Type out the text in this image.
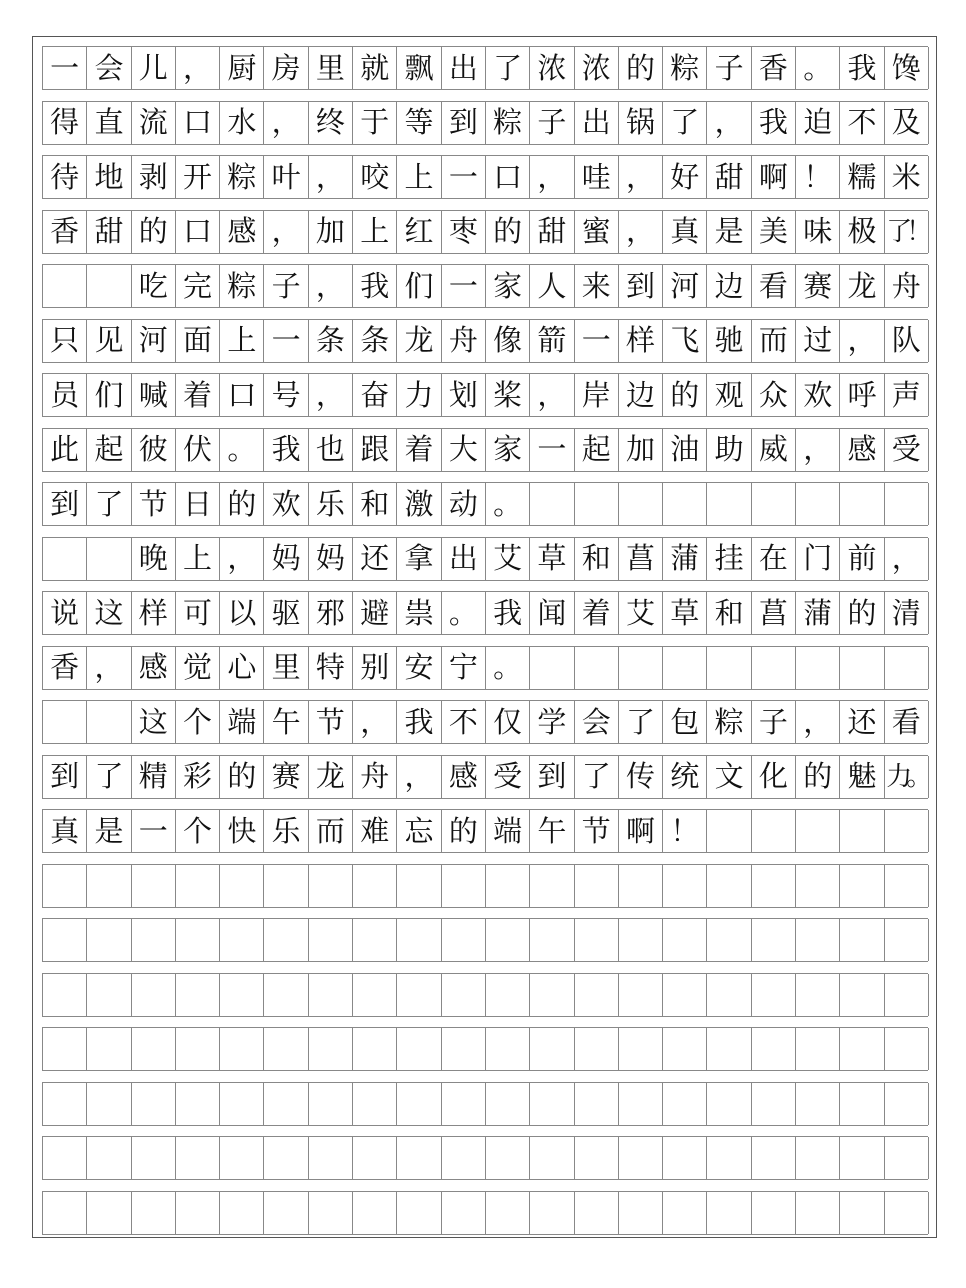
一 会 儿 ， 厨 房 里 就 飘 出 了 浓 浓 的 粽 子 香 。 我 馋
得 直 流 口 水 ， 终 于 等 到 粽 子 出 锅 了 ， 我 迫 不 及
待 地 剥 开 粽 叶 ， 咬 上 一 口 ， 哇 ， 好 甜 啊 ！ 糯 米
香 甜 的 口 感 ， 加 上 红 枣 的 甜 蜜 ， 真 是 美 味 极 了！
吃 完 粽 子 ， 我 们 一 家 人 来 到 河 边 看 赛 龙 舟
只 见 河 面 上 一 条 条 龙 舟 像 箭 一 样 飞 驰 而 过 ， 队
员 们 喊 着 口 号 ， 奋 力 划 桨 ， 岸 边 的 观 众 欢 呼 声
此 起 彼 伏 。 我 也 跟 着 大 家 一 起 加 油 助 威 ， 感 受
到 了 节 日 的 欢 乐 和 激 动 。
晚 上 ， 妈 妈 还 拿 出 艾 草 和 菖 蒲 挂 在 门 前 ，
说 这 样 可 以 驱 邪 避 祟 。 我 闻 着 艾 草 和 菖 蒲 的 清
香 ， 感 觉 心 里 特 别 安 宁 。
这 个 端 午 节 ， 我 不 仅 学 会 了 包 粽 子 ， 还 看
到 了 精 彩 的 赛 龙 舟 ， 感 受 到 了 传 统 文 化 的 魅 力。
真 是 一 个 快 乐 而 难 忘 的 端 午 节 啊 ！
